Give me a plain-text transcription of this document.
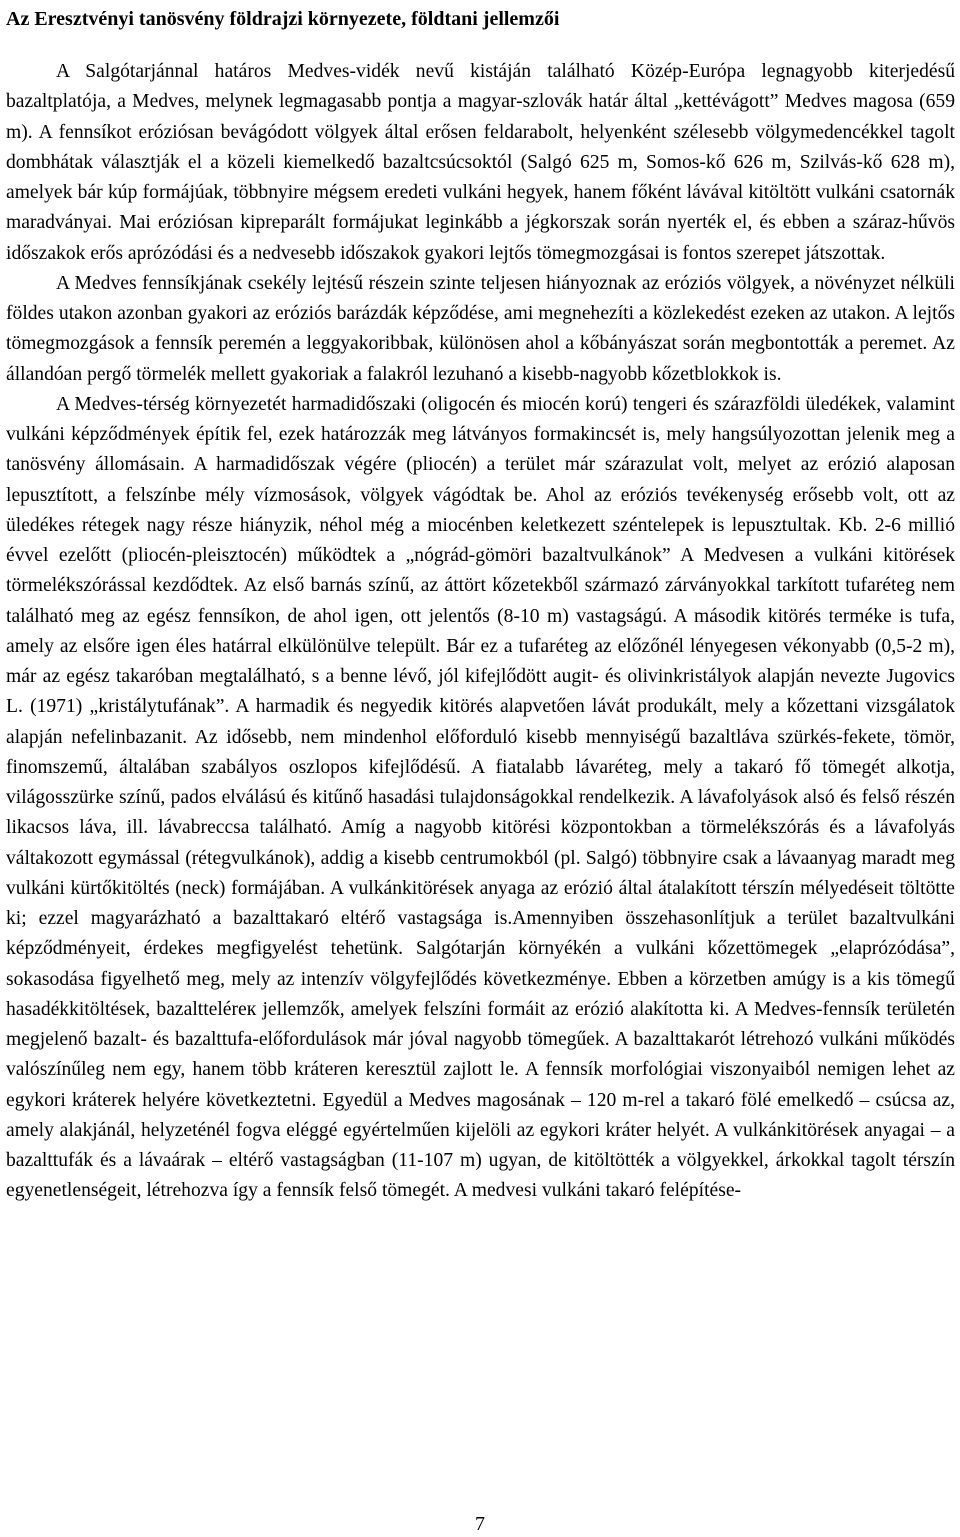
Az Eresztvényi tanösvény földrajzi környezete, földtani jellemzői

A Salgótarjánnal határos Medves-vidék nevű kistáján található Közép-Európa legnagyobb kiterjedésű bazaltplatója, a Medves, melynek legmagasabb pontja a magyar-szlovák határ által „kettévágott” Medves magosa (659 m). A fennsíkot eróziósan bevágódott völgyek által erősen feldarabolt, helyenként szélesebb völgymedencékkel tagolt dombhátak választják el a közeli kiemelkedő bazaltcsúcsoktól (Salgó 625 m, Somos-kő 626 m, Szilvás-kő 628 m), amelyek bár kúp formájúak, többnyire mégsem eredeti vulkáni hegyek, hanem főként lávával kitöltött vulkáni csatornák maradványai. Mai eróziósan kipreparált formájukat leginkább a jégkorszak során nyerték el, és ebben a száraz-hűvös időszakok erős aprózódási és a nedvesebb időszakok gyakori lejtős tömegmozgásai is fontos szerepet játszottak.

A Medves fennsíkjának csekély lejtésű részein szinte teljesen hiányoznak az eróziós völgyek, a növényzet nélküli földes utakon azonban gyakori az eróziós barázdák képződése, ami megnehezíti a közlekedést ezeken az utakon. A lejtős tömegmozgások a fennsík peremén a leggyakoribbak, különösen ahol a kőbányászat során megbontották a peremet. Az állandóan pergő törmelék mellett gyakoriak a falakról lezuhanó a kisebb-nagyobb kőzetblokkok is.

A Medves-térség környezetét harmadidőszaki (oligocén és miocén korú) tengeri és szárazföldi üledékek, valamint vulkáni képződmények építik fel, ezek határozzák meg látványos formakincsét is, mely hangsúlyozottan jelenik meg a tanösvény állomásain. A harmadidőszak végére (pliocén) a terület már szárazulat volt, melyet az erózió alaposan lepusztított, a felszínbe mély vízmosások, völgyek vágódtak be. Ahol az eróziós tevékenység erősebb volt, ott az üledékes rétegek nagy része hiányzik, néhol még a miocénben keletkezett széntelepek is lepusztultak. Kb. 2-6 millió évvel ezelőtt (pliocén-pleisztocén) működtek a „nógrád-gömöri bazaltvulkánok” A Medvesen a vulkáni kitörések törmelékszórással kezdődtek. Az első barnás színű, az áttört kőzetekből származó zárványokkal tarkított tufaréteg nem található meg az egész fennsíkon, de ahol igen, ott jelentős (8-10 m) vastagságú. A második kitörés terméke is tufa, amely az elsőre igen éles határral elkülönülve települt. Bár ez a tufaréteg az előzőnél lényegesen vékonyabb (0,5-2 m), már az egész takaróban megtalálható, s a benne lévő, jól kifejlődött augit- és olivinkristályok alapján nevezte Jugovics L. (1971) „kristálytufának”. A harmadik és negyedik kitörés alapvetően lávát produkált, mely a kőzettani vizsgálatok alapján nefelinbazanit. Az idősebb, nem mindenhol előforduló kisebb mennyiségű bazaltláva szürkés-fekete, tömör, finomszemű, általában szabályos oszlopos kifejlődésű. A fiatalabb lávaréteg, mely a takaró fő tömegét alkotja, világosszürke színű, pados elválású és kitűnő hasadási tulajdonságokkal rendelkezik. A lávafolyások alsó és felső részén likacsos láva, ill. lávabreccsa található. Amíg a nagyobb kitörési központokban a törmelékszórás és a lávafolyás váltakozott egymással (rétegvulkánok), addig a kisebb centrumokból (pl. Salgó) többnyire csak a lávaanyag maradt meg vulkáni kürtőkitöltés (neck) formájában. A vulkánkitörések anyaga az erózió által átalakított térszín mélyedéseit töltötte ki; ezzel magyarázható a bazalttakaró eltérő vastagsága is.Amennyiben összehasonlítjuk a terület bazaltvulkáni képződményeit, érdekes megfigyelést tehetünk. Salgótarján környékén a vulkáni kőzettömegek „elaprózódása”, sokasodása figyelhető meg, mely az intenzív völgyfejlődés következménye. Ebben a körzetben amúgy is a kis tömegű hasadékkitöltések, bazaltteléreк jellemzők, amelyek felszíni formáit az erózió alakította ki. A Medves-fennsík területén megjelenő bazalt- és bazalttufa-előfordulások már jóval nagyobb tömegűek. A bazalttakarót létrehozó vulkáni működés valószínűleg nem egy, hanem több kráteren keresztül zajlott le. A fennsík morfológiai viszonyaiból nemigen lehet az egykori kráterek helyére következtetni. Egyedül a Medves magosának – 120 m-rel a takaró fölé emelkedő – csúcsa az, amely alakjánál, helyzeténél fogva eléggé egyértelműen kijelöli az egykori kráter helyét. A vulkánkitörések anyagai – a bazalttufák és a lávaárak – eltérő vastagságban (11-107 m) ugyan, de kitöltötték a völgyekkel, árkokkal tagolt térszín egyenetlenségeit, létrehozva így a fennsík felső tömegét. A medvesi vulkáni takaró felépítése-

7
